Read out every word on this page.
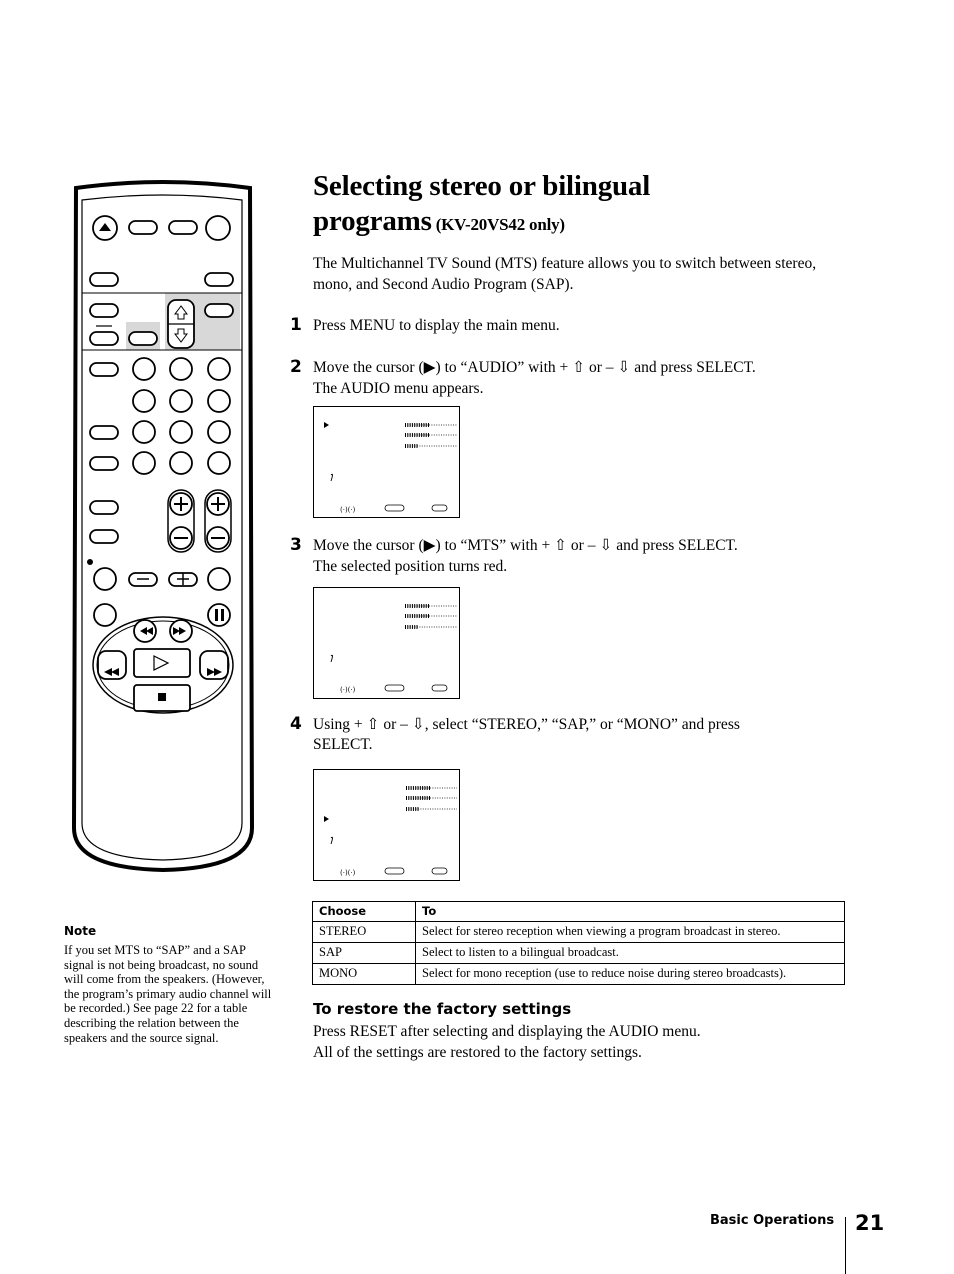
Selecting stereo or bilingual
programs (KV-20VS42 only)
The Multichannel TV Sound (MTS) feature allows you to switch between stereo, mono, and Second Audio Program (SAP).
1 Press MENU to display the main menu.
2 Move the cursor (▶) to “AUDIO” with + ⇧ or – ⇩ and press SELECT.
The AUDIO menu appears.
(·)(·)
3 Move the cursor (▶) to “MTS” with + ⇧ or – ⇩ and press SELECT.
The selected position turns red.
(·)(·)
4 Using + ⇧ or – ⇩, select “STEREO,” “SAP,” or “MONO” and press
SELECT.
(·)(·)
Choose	To
STEREO	Select for stereo reception when viewing a program broadcast in stereo.
SAP	Select to listen to a bilingual broadcast.
MONO	Select for mono reception (use to reduce noise during stereo broadcasts).
To restore the factory settings
Press RESET after selecting and displaying the AUDIO menu.
All of the settings are restored to the factory settings.
Note
If you set MTS to “SAP” and a SAP signal is not being broadcast, no sound will come from the speakers. (However, the program’s primary audio channel will be recorded.) See page 22 for a table describing the relation between the speakers and the source signal.
Basic Operations 21
